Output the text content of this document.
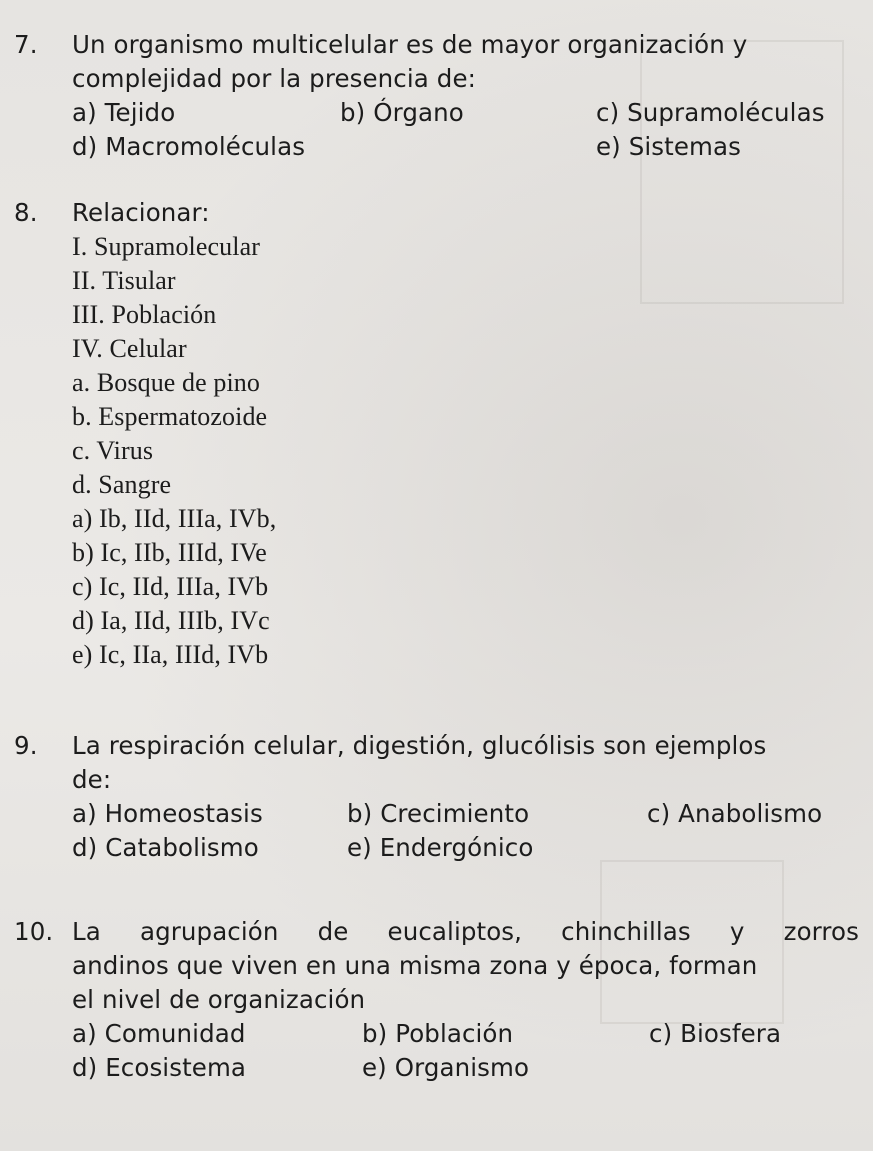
7.	Un organismo multicelular es de mayor organización y
complejidad por la presencia de:
a) Tejido	b) Órgano	c) Supramoléculas
d) Macromoléculas	e) Sistemas
8.	Relacionar:
I. Supramolecular
II. Tisular
III. Población
IV. Celular
a. Bosque de pino
b. Espermatozoide
c. Virus
d. Sangre
a) Ib, IId, IIIa, IVb,
b) Ic, IIb, IIId, IVe
c) Ic, IId, IIIa, IVb
d) Ia, IId, IIIb, IVc
e) Ic, IIa, IIId, IVb
9.	La respiración celular, digestión, glucólisis son ejemplos
de:
a) Homeostasis	b) Crecimiento	c) Anabolismo
d) Catabolismo	e) Endergónico
10. La agrupación de eucaliptos, chinchillas y zorros
andinos que viven en una misma zona y época, forman
el nivel de organización
a) Comunidad	b) Población	c) Biosfera
d) Ecosistema	e) Organismo
